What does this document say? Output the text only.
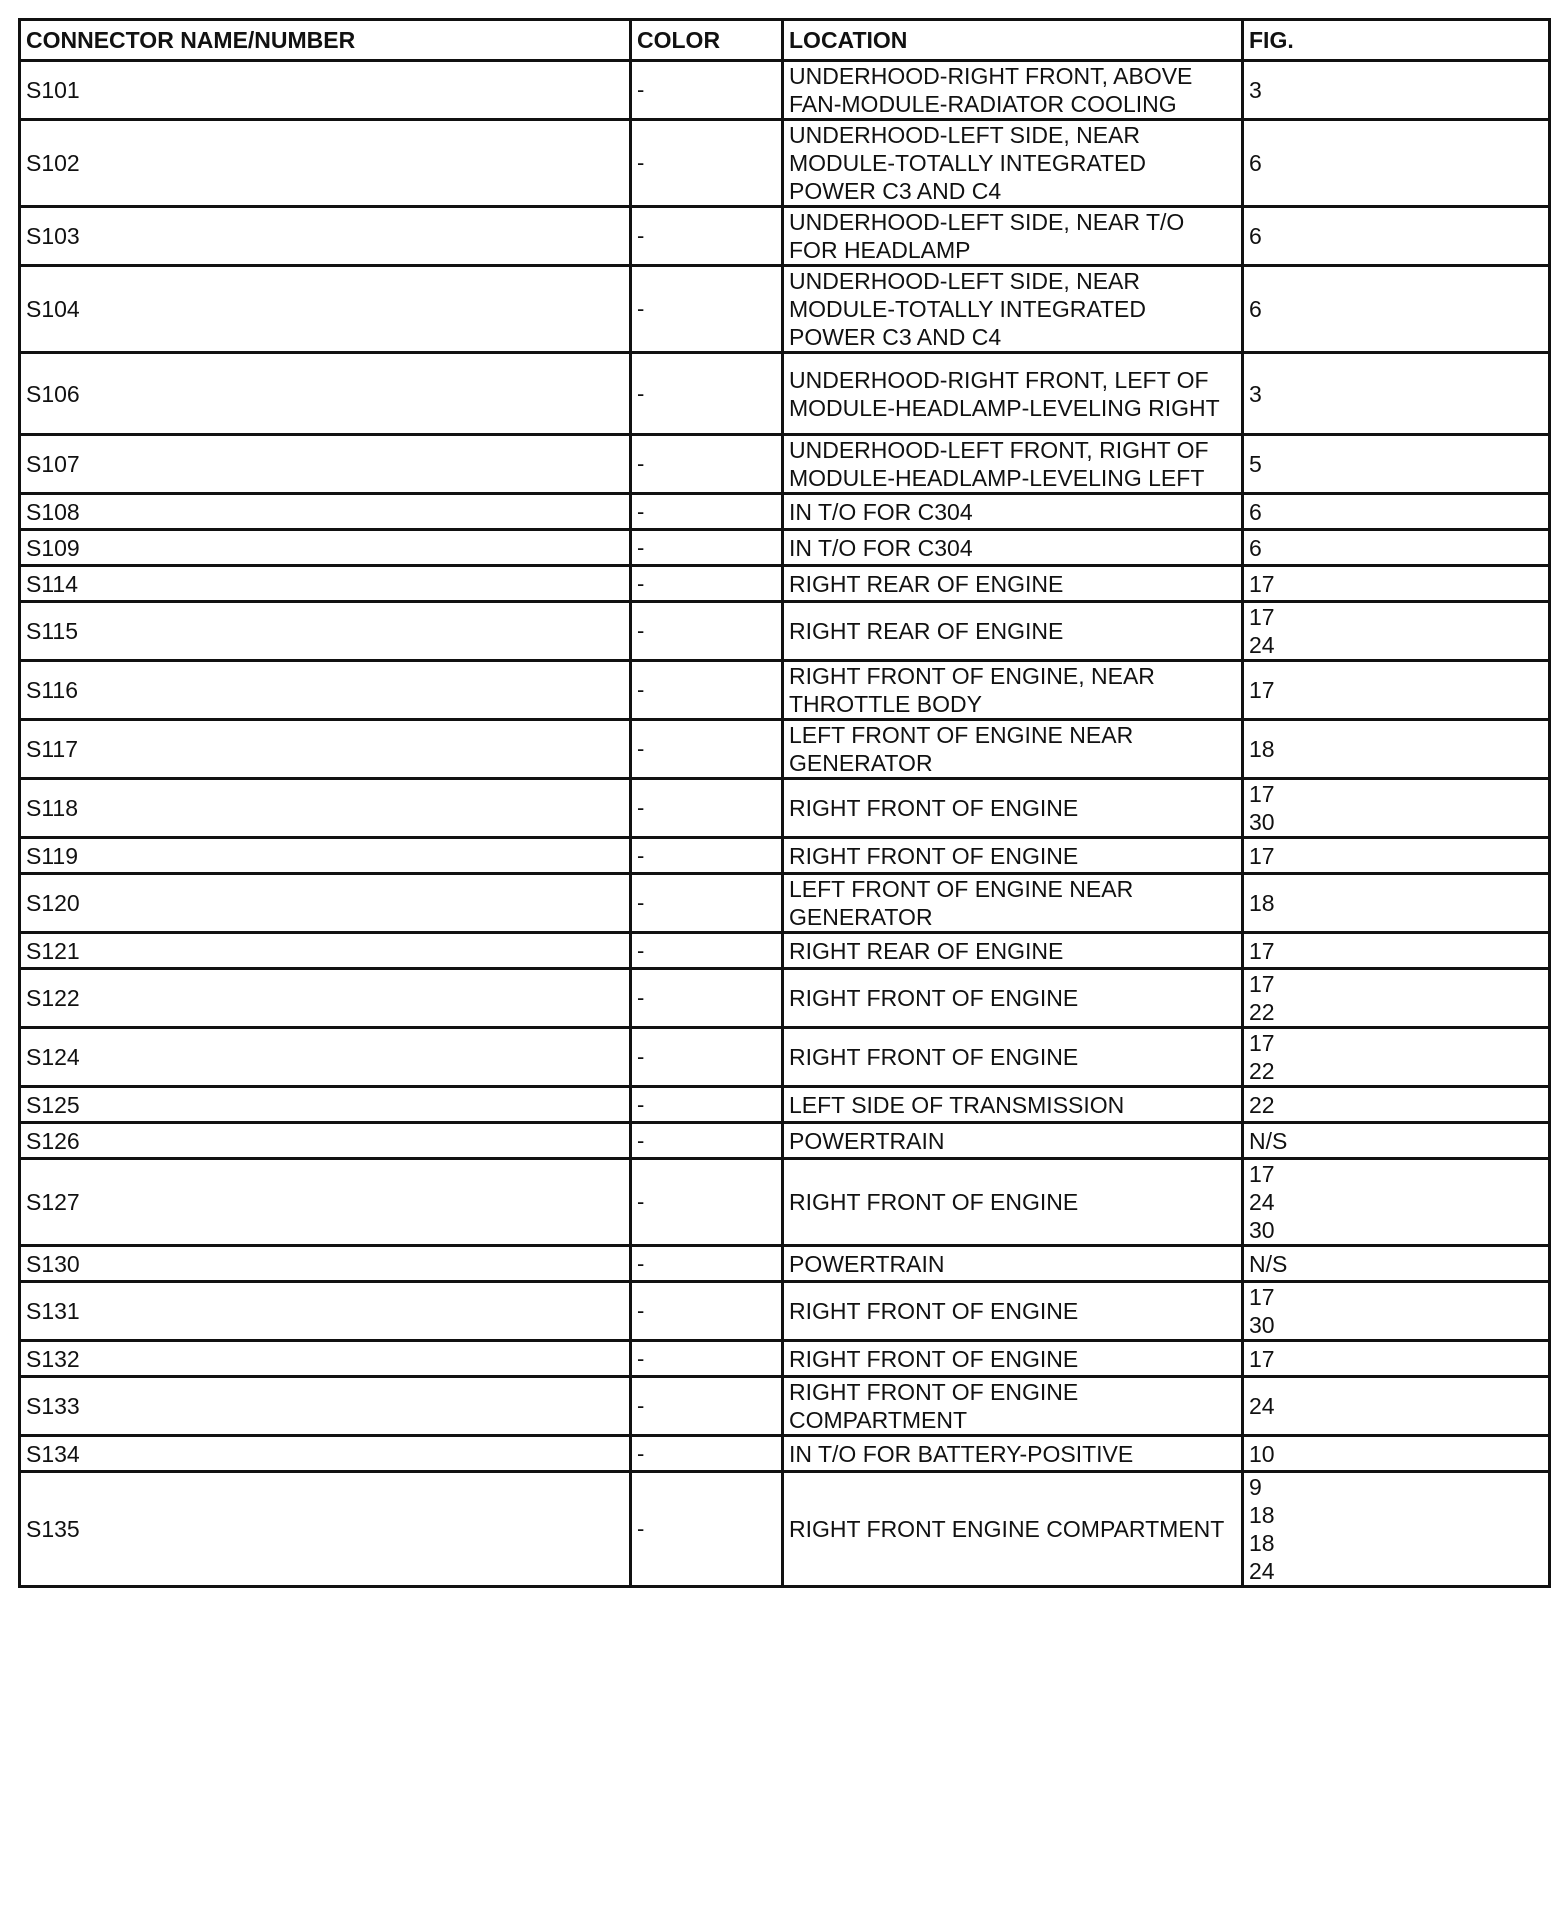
CONNECTOR NAME/NUMBER	COLOR	LOCATION	FIG.
S101	-	UNDERHOOD-RIGHT FRONT, ABOVE FAN-MODULE-RADIATOR COOLING	3
S102	-	UNDERHOOD-LEFT SIDE, NEAR MODULE-TOTALLY INTEGRATED POWER C3 AND C4	6
S103	-	UNDERHOOD-LEFT SIDE, NEAR T/O FOR HEADLAMP	6
S104	-	UNDERHOOD-LEFT SIDE, NEAR MODULE-TOTALLY INTEGRATED POWER C3 AND C4	6
S106	-	UNDERHOOD-RIGHT FRONT, LEFT OF MODULE-HEADLAMP-LEVELING RIGHT	3
S107	-	UNDERHOOD-LEFT FRONT, RIGHT OF MODULE-HEADLAMP-LEVELING LEFT	5
S108	-	IN T/O FOR C304	6
S109	-	IN T/O FOR C304	6
S114	-	RIGHT REAR OF ENGINE	17
S115	-	RIGHT REAR OF ENGINE	17
24
S116	-	RIGHT FRONT OF ENGINE, NEAR THROTTLE BODY	17
S117	-	LEFT FRONT OF ENGINE NEAR GENERATOR	18
S118	-	RIGHT FRONT OF ENGINE	17
30
S119	-	RIGHT FRONT OF ENGINE	17
S120	-	LEFT FRONT OF ENGINE NEAR GENERATOR	18
S121	-	RIGHT REAR OF ENGINE	17
S122	-	RIGHT FRONT OF ENGINE	17
22
S124	-	RIGHT FRONT OF ENGINE	17
22
S125	-	LEFT SIDE OF TRANSMISSION	22
S126	-	POWERTRAIN	N/S
S127	-	RIGHT FRONT OF ENGINE	17
24
30
S130	-	POWERTRAIN	N/S
S131	-	RIGHT FRONT OF ENGINE	17
30
S132	-	RIGHT FRONT OF ENGINE	17
S133	-	RIGHT FRONT OF ENGINE COMPARTMENT	24
S134	-	IN T/O FOR BATTERY-POSITIVE	10
S135	-	RIGHT FRONT ENGINE COMPARTMENT	9
18
18
24
